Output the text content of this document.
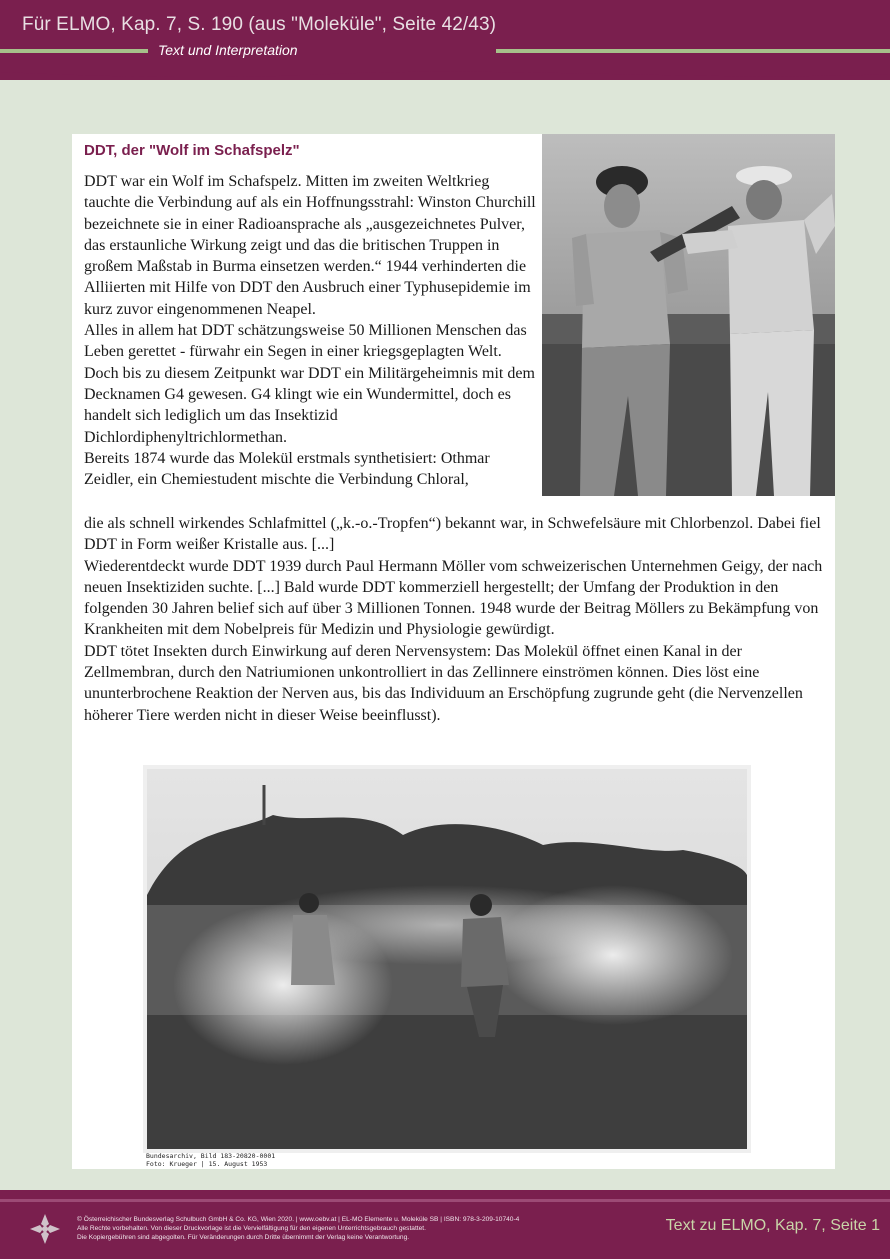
Für ELMO, Kap. 7, S. 190 (aus "Moleküle", Seite 42/43)
Text und Interpretation
DDT, der "Wolf im Schafspelz"

DDT war ein Wolf im Schafspelz. Mitten im zweiten Weltkrieg tauchte die Verbindung auf als ein Hoffnungsstrahl: Winston Churchill bezeichnete sie in einer Radioansprache als „ausgezeichnetes Pulver, das erstaunliche Wirkung zeigt und das die britischen Truppen in großem Maßstab in Burma einsetzen werden.“ 1944 verhinderten die Alliierten mit Hilfe von DDT den Ausbruch einer Typhusepidemie im kurz zuvor eingenommenen Neapel.

Alles in allem hat DDT schätzungsweise 50 Millionen Menschen das Leben gerettet - fürwahr ein Segen in einer kriegsgeplagten Welt. Doch bis zu diesem Zeitpunkt war DDT ein Militärgeheimnis mit dem Decknamen G4 gewesen. G4 klingt wie ein Wundermittel, doch es handelt sich lediglich um das Insektizid Dichlordiphenyltrichlormethan.

Bereits 1874 wurde das Molekül erstmals synthetisiert: Othmar Zeidler, ein Chemiestudent mischte die Verbindung Chloral,

die als schnell wirkendes Schlafmittel („k.-o.-Tropfen“) bekannt war, in Schwefelsäure mit Chlorbenzol. Dabei fiel DDT in Form weißer Kristalle aus. [...]

Wiederentdeckt wurde DDT 1939 durch Paul Hermann Möller vom schweizerischen Unternehmen Geigy, der nach neuen Insektiziden suchte. [...] Bald wurde DDT kommerziell hergestellt; der Umfang der Produktion in den folgenden 30 Jahren belief sich auf über 3 Millionen Tonnen. 1948 wurde der Beitrag Möllers zu Bekämpfung von Krankheiten mit dem Nobelpreis für Medizin und Physiologie gewürdigt.

DDT tötet Insekten durch Einwirkung auf deren Nervensystem: Das Molekül öffnet einen Kanal in der Zellmembran, durch den Natriumionen unkontrolliert in das Zellinnere einströmen können. Dies löst eine ununterbrochene Reaktion der Nerven aus, bis das Individuum an Erschöpfung zugrunde geht (die Nervenzellen höherer Tiere werden nicht in dieser Weise beeinflusst).

Bundesarchiv, Bild 183-20820-0001
Foto: Krueger | 15. August 1953
© Österreichischer Bundesverlag Schulbuch GmbH & Co. KG, Wien 2020. | www.oebv.at | EL-MO Elemente u. Moleküle SB | ISBN: 978-3-209-10740-4
Alle Rechte vorbehalten. Von dieser Druckvorlage ist die Vervielfältigung für den eigenen Unterrichtsgebrauch gestattet.
Die Kopiergebühren sind abgegolten. Für Veränderungen durch Dritte übernimmt der Verlag keine Verantwortung.
Text zu ELMO, Kap. 7, Seite 1
